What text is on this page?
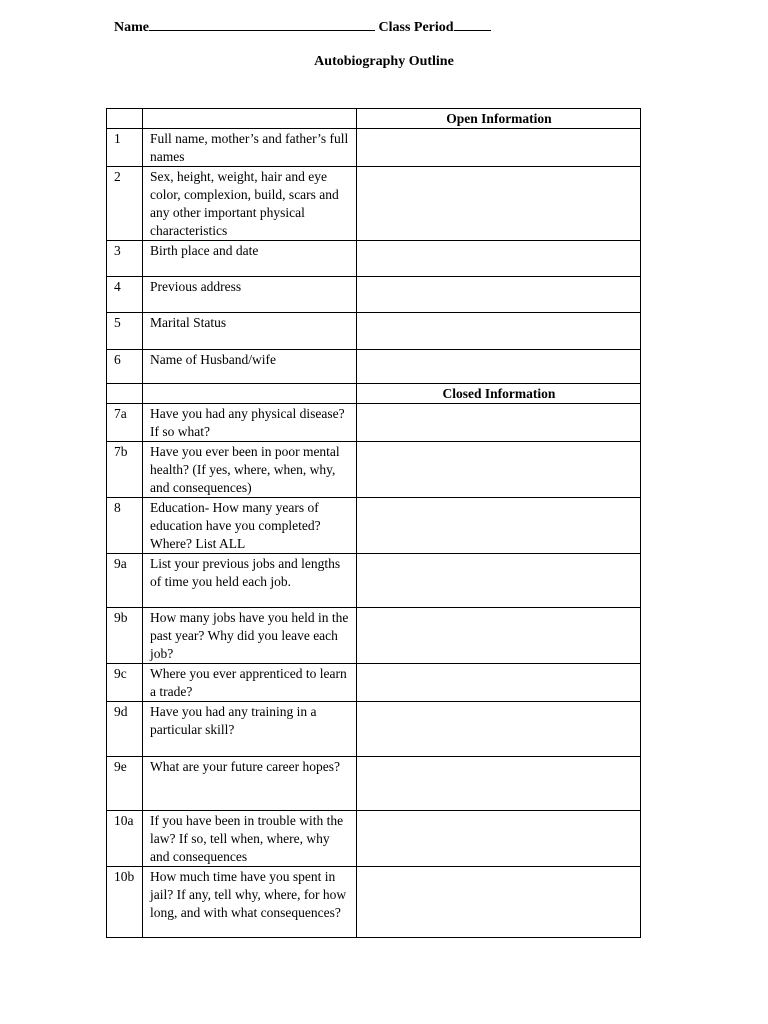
Name	Class Period
Autobiography Outline
		Open Information
1	Full name, mother’s and father’s full names	
2	Sex, height, weight, hair and eye color, complexion, build, scars and any other important physical characteristics	
3	Birth place and date	
4	Previous address	
5	Marital Status	
6	Name of Husband/wife	
		Closed Information
7a	Have you had any physical disease? If so what?	
7b	Have you ever been in poor mental health? (If yes, where, when, why, and consequences)	
8	Education- How many years of education have you completed? Where? List ALL	
9a	List your previous jobs and lengths of time you held each job.	
9b	How many jobs have you held in the past year? Why did you leave each job?	
9c	Where you ever apprenticed to learn a trade?	
9d	Have you had any training in a particular skill?	
9e	What are your future career hopes?	
10a	If you have been in trouble with the law? If so, tell when, where, why and consequences	
10b	How much time have you spent in jail? If any, tell why, where, for how long, and with what consequences?	
